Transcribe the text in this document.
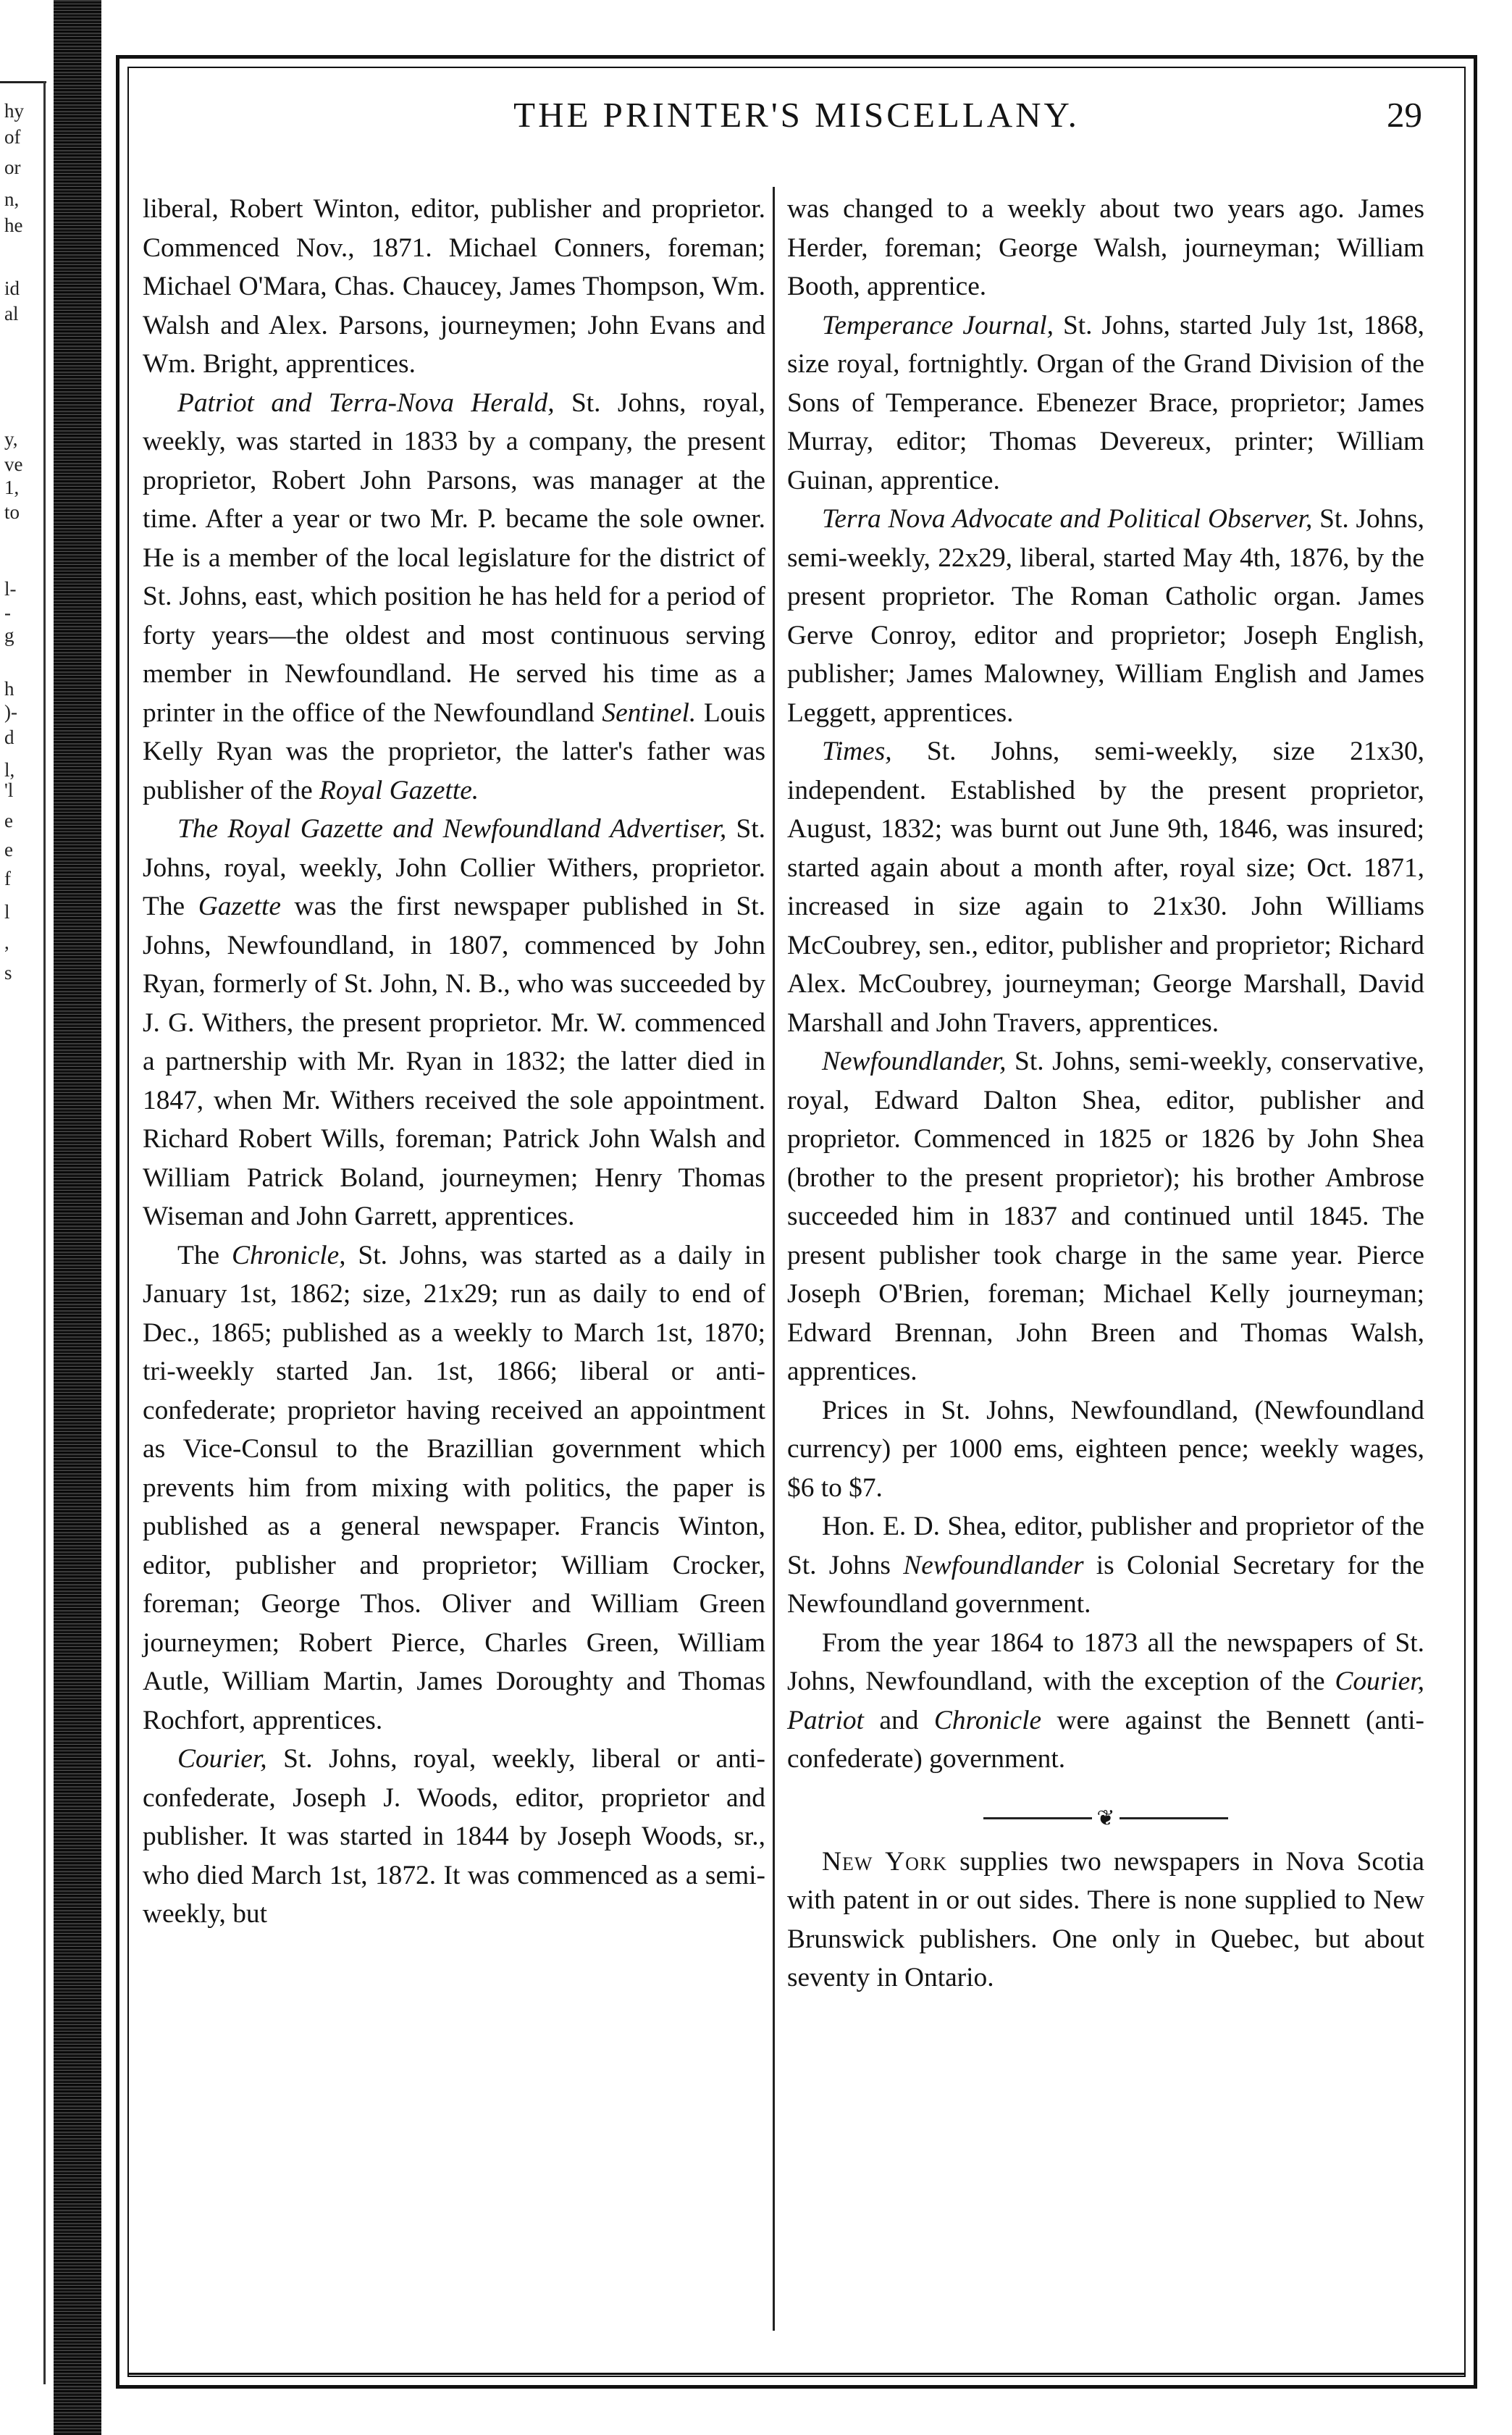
hy
of
or
n,
he
id
al
y,
ve
1,
to
l-
-
g
h
)-
d
l,
'l
e
e
f
l
,
s
THE PRINTER'S MISCELLANY.	29

liberal, Robert Winton, editor, publisher and proprietor. Commenced Nov., 1871. Michael Conners, foreman; Michael O'Mara, Chas. Chaucey, James Thompson, Wm. Walsh and Alex. Parsons, journeymen; John Evans and Wm. Bright, apprentices.

Patriot and Terra-Nova Herald, St. Johns, royal, weekly, was started in 1833 by a company, the present proprietor, Robert John Parsons, was manager at the time. After a year or two Mr. P. became the sole owner. He is a member of the local legislature for the district of St. Johns, east, which position he has held for a period of forty years—the oldest and most continuous serving member in Newfoundland. He served his time as a printer in the office of the Newfoundland Sentinel. Louis Kelly Ryan was the proprietor, the latter's father was publisher of the Royal Gazette.

The Royal Gazette and Newfoundland Advertiser, St. Johns, royal, weekly, John Collier Withers, proprietor. The Gazette was the first newspaper published in St. Johns, Newfoundland, in 1807, commenced by John Ryan, formerly of St. John, N. B., who was succeeded by J. G. Withers, the present proprietor. Mr. W. commenced a partnership with Mr. Ryan in 1832; the latter died in 1847, when Mr. Withers received the sole appointment. Richard Robert Wills, foreman; Patrick John Walsh and William Patrick Boland, journeymen; Henry Thomas Wiseman and John Garrett, apprentices.

The Chronicle, St. Johns, was started as a daily in January 1st, 1862; size, 21x29; run as daily to end of Dec., 1865; published as a weekly to March 1st, 1870; tri-weekly started Jan. 1st, 1866; liberal or anti-confederate; proprietor having received an appointment as Vice-Consul to the Brazillian government which prevents him from mixing with politics, the paper is published as a general newspaper. Francis Winton, editor, publisher and proprietor; William Crocker, foreman; George Thos. Oliver and William Green journeymen; Robert Pierce, Charles Green, William Autle, William Martin, James Doroughty and Thomas Rochfort, apprentices.

Courier, St. Johns, royal, weekly, liberal or anti-confederate, Joseph J. Woods, editor, proprietor and publisher. It was started in 1844 by Joseph Woods, sr., who died March 1st, 1872. It was commenced as a semi-weekly, but

was changed to a weekly about two years ago. James Herder, foreman; George Walsh, journeyman; William Booth, apprentice.

Temperance Journal, St. Johns, started July 1st, 1868, size royal, fortnightly. Organ of the Grand Division of the Sons of Temperance. Ebenezer Brace, proprietor; James Murray, editor; Thomas Devereux, printer; William Guinan, apprentice.

Terra Nova Advocate and Political Observer, St. Johns, semi-weekly, 22x29, liberal, started May 4th, 1876, by the present proprietor. The Roman Catholic organ. James Gerve Conroy, editor and proprietor; Joseph English, publisher; James Malowney, William English and James Leggett, apprentices.

Times, St. Johns, semi-weekly, size 21x30, independent. Established by the present proprietor, August, 1832; was burnt out June 9th, 1846, was insured; started again about a month after, royal size; Oct. 1871, increased in size again to 21x30. John Williams McCoubrey, sen., editor, publisher and proprietor; Richard Alex. McCoubrey, journeyman; George Marshall, David Marshall and John Travers, apprentices.

Newfoundlander, St. Johns, semi-weekly, conservative, royal, Edward Dalton Shea, editor, publisher and proprietor. Commenced in 1825 or 1826 by John Shea (brother to the present proprietor); his brother Ambrose succeeded him in 1837 and continued until 1845. The present publisher took charge in the same year. Pierce Joseph O'Brien, foreman; Michael Kelly journeyman; Edward Brennan, John Breen and Thomas Walsh, apprentices.

Prices in St. Johns, Newfoundland, (Newfoundland currency) per 1000 ems, eighteen pence; weekly wages, $6 to $7.

Hon. E. D. Shea, editor, publisher and proprietor of the St. Johns Newfoundlander is Colonial Secretary for the Newfoundland government.

From the year 1864 to 1873 all the newspapers of St. Johns, Newfoundland, with the exception of the Courier, Patriot and Chronicle were against the Bennett (anti-confederate) government.

❦

New York supplies two newspapers in Nova Scotia with patent in or out sides. There is none supplied to New Brunswick publishers. One only in Quebec, but about seventy in Ontario.
